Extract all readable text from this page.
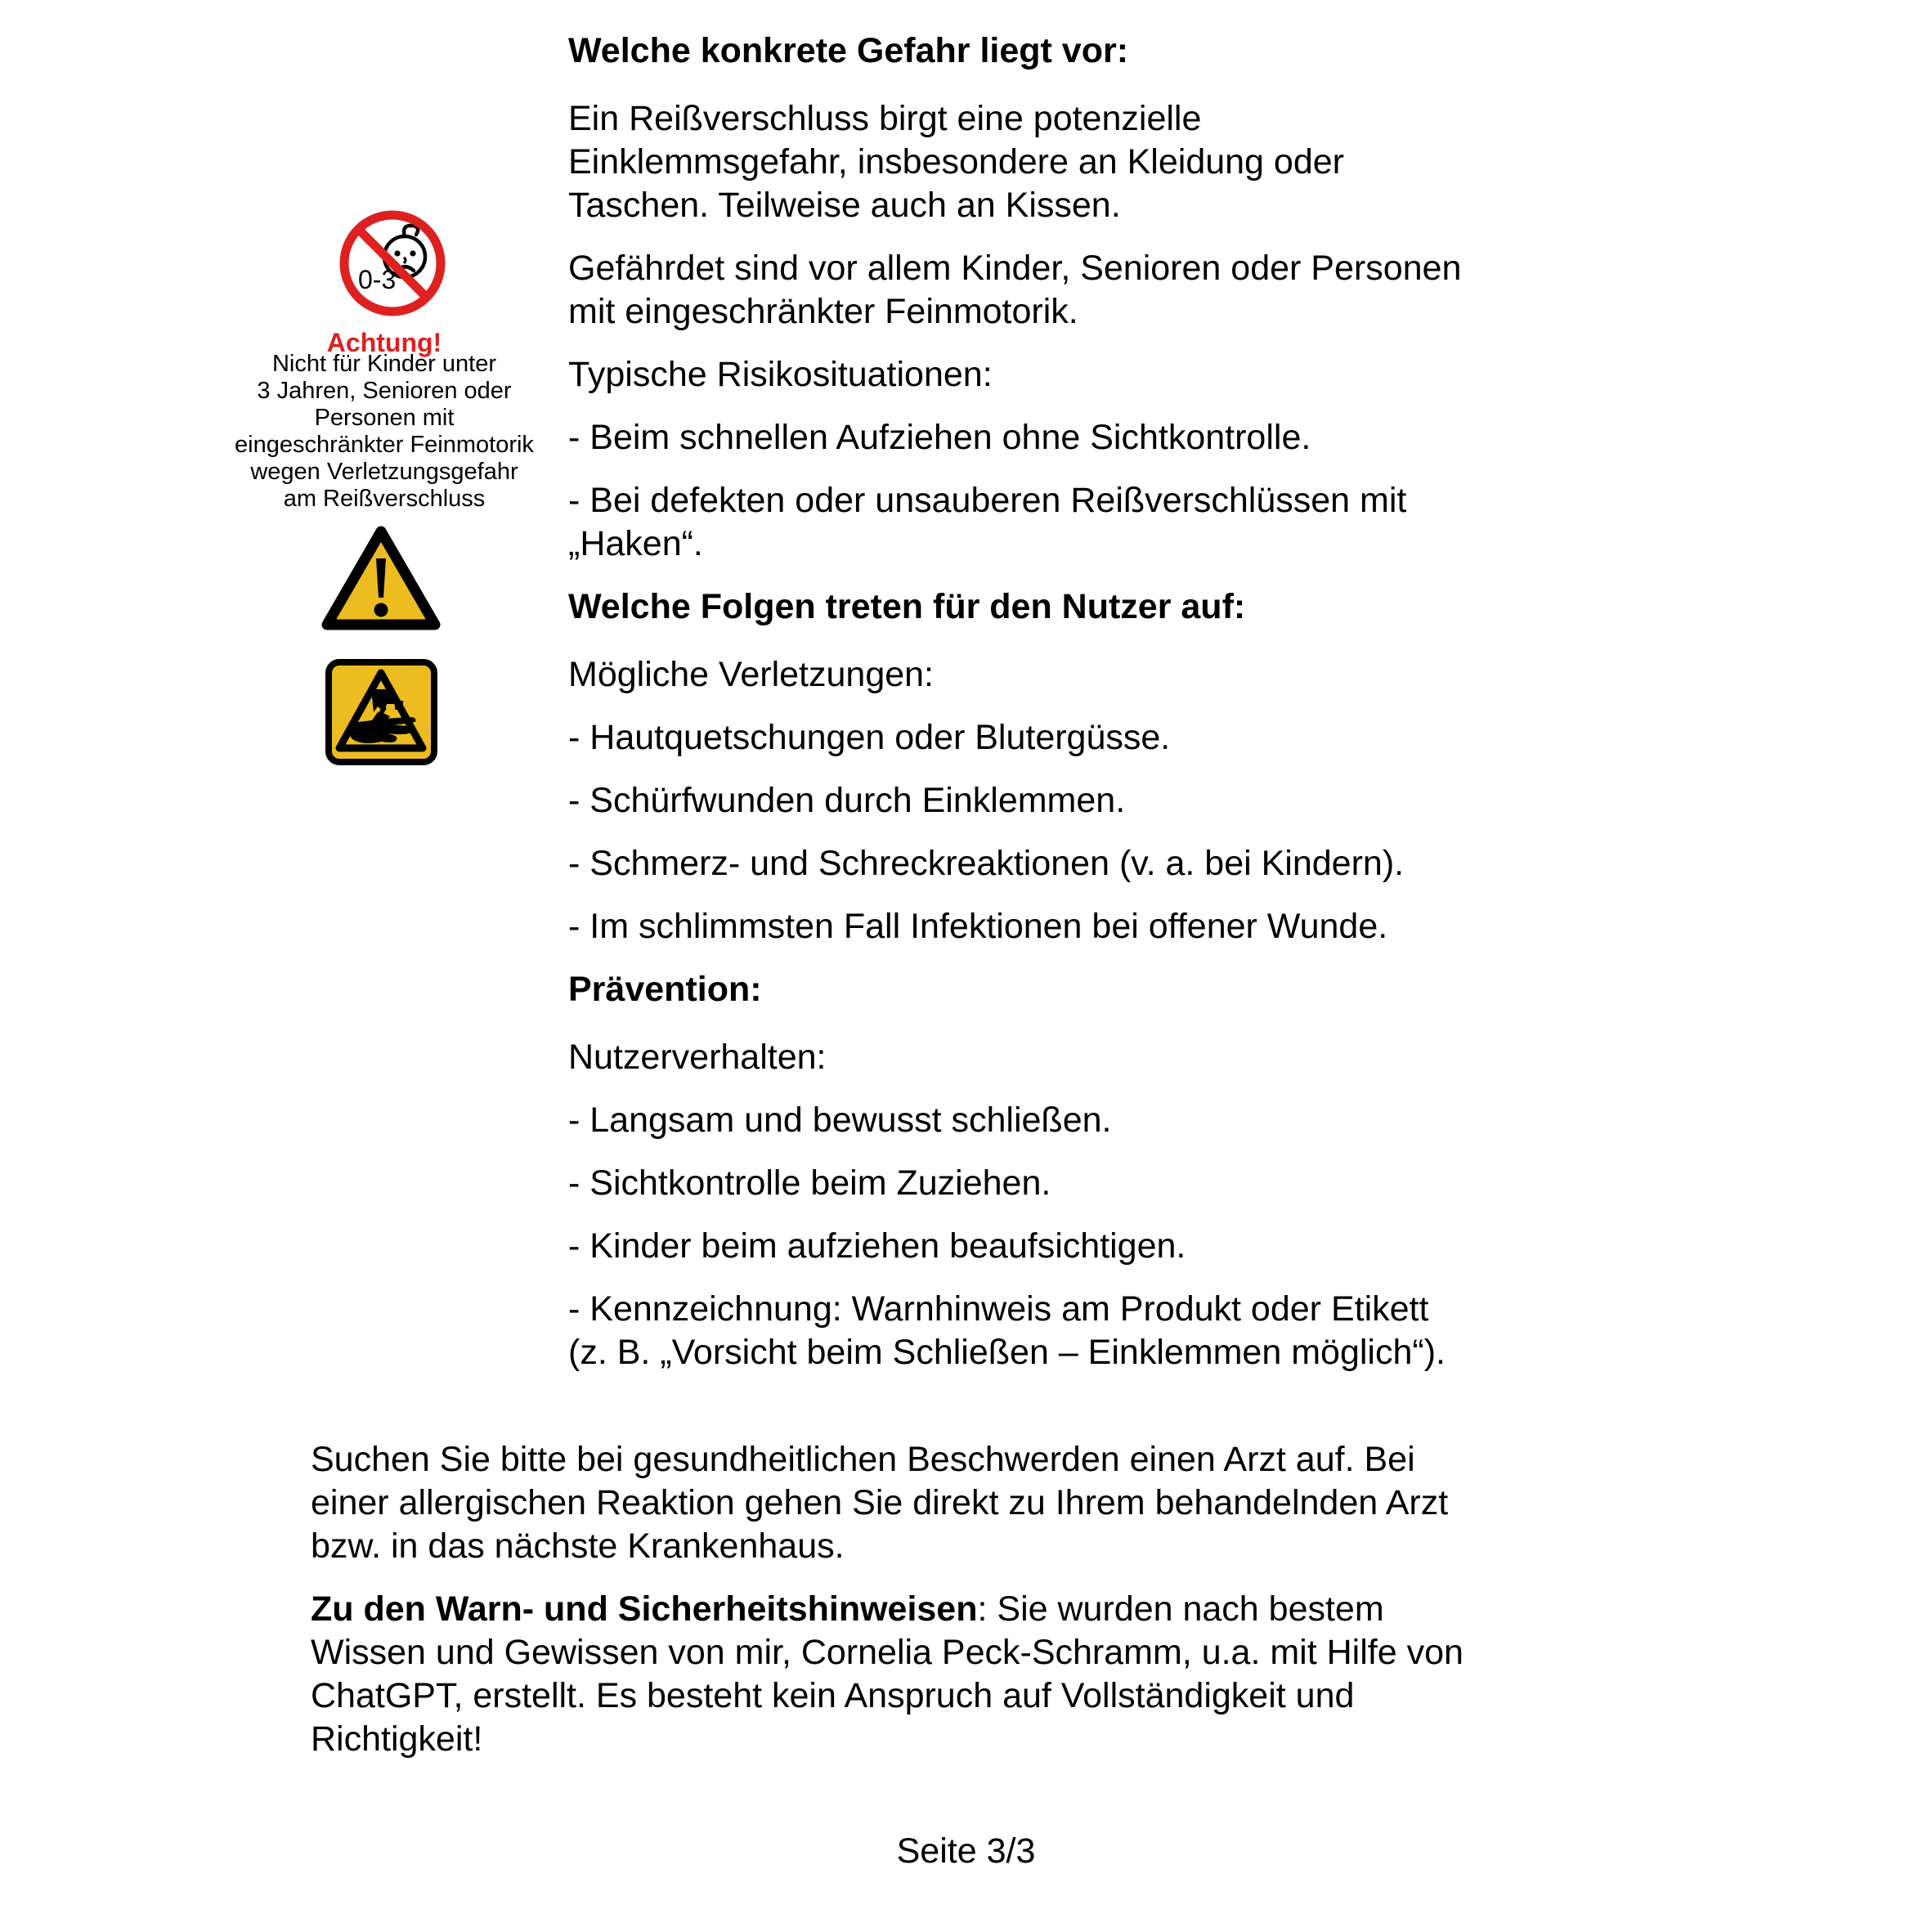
0-3
Achtung!
Nicht für Kinder unter
3 Jahren, Senioren oder
Personen mit
eingeschränkter Feinmotorik
wegen Verletzungsgefahr
am Reißverschluss
Welche konkrete Gefahr liegt vor:
Ein Reißverschluss birgt eine potenzielle
Einklemmsgefahr, insbesondere an Kleidung oder
Taschen. Teilweise auch an Kissen.
Gefährdet sind vor allem Kinder, Senioren oder Personen
mit eingeschränkter Feinmotorik.
Typische Risikosituationen:
- Beim schnellen Aufziehen ohne Sichtkontrolle.
- Bei defekten oder unsauberen Reißverschlüssen mit
„Haken“.
Welche Folgen treten für den Nutzer auf:
Mögliche Verletzungen:
- Hautquetschungen oder Blutergüsse.
- Schürfwunden durch Einklemmen.
- Schmerz- und Schreckreaktionen (v. a. bei Kindern).
- Im schlimmsten Fall Infektionen bei offener Wunde.
Prävention:
Nutzerverhalten:
- Langsam und bewusst schließen.
- Sichtkontrolle beim Zuziehen.
- Kinder beim aufziehen beaufsichtigen.
- Kennzeichnung: Warnhinweis am Produkt oder Etikett
(z. B. „Vorsicht beim Schließen – Einklemmen möglich“).
Suchen Sie bitte bei gesundheitlichen Beschwerden einen Arzt auf. Bei
einer allergischen Reaktion gehen Sie direkt zu Ihrem behandelnden Arzt
bzw. in das nächste Krankenhaus.
Zu den Warn- und Sicherheitshinweisen: Sie wurden nach bestem
Wissen und Gewissen von mir, Cornelia Peck-Schramm, u.a. mit Hilfe von
ChatGPT, erstellt. Es besteht kein Anspruch auf Vollständigkeit und
Richtigkeit!
Seite 3/3
